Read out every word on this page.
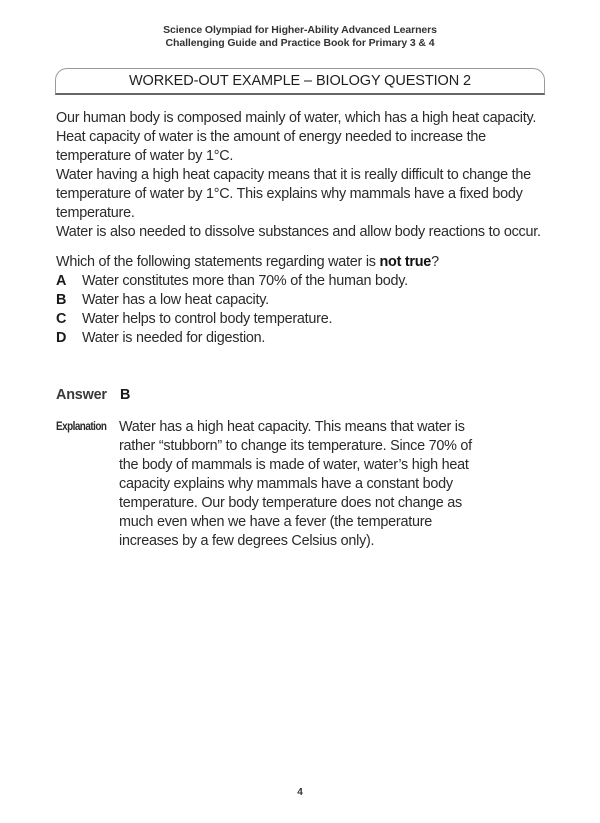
Science Olympiad for Higher-Ability Advanced Learners
Challenging Guide and Practice Book for Primary 3 & 4
WORKED-OUT EXAMPLE – BIOLOGY QUESTION 2

Our human body is composed mainly of water, which has a high heat capacity. Heat capacity of water is the amount of energy needed to increase the temperature of water by 1°C.

Water having a high heat capacity means that it is really difficult to change the temperature of water by 1°C. This explains why mammals have a fixed body temperature.

Water is also needed to dissolve substances and allow body reactions to occur.

Which of the following statements regarding water is not true?

A	Water constitutes more than 70% of the human body.
B	Water has a low heat capacity.
C	Water helps to control body temperature.
D	Water is needed for digestion.
Answer B
Explanation Water has a high heat capacity. This means that water is rather “stubborn” to change its temperature. Since 70% of the body of mammals is made of water, water’s high heat capacity explains why mammals have a constant body temperature. Our body temperature does not change as much even when we have a fever (the temperature increases by a few degrees Celsius only).
4
